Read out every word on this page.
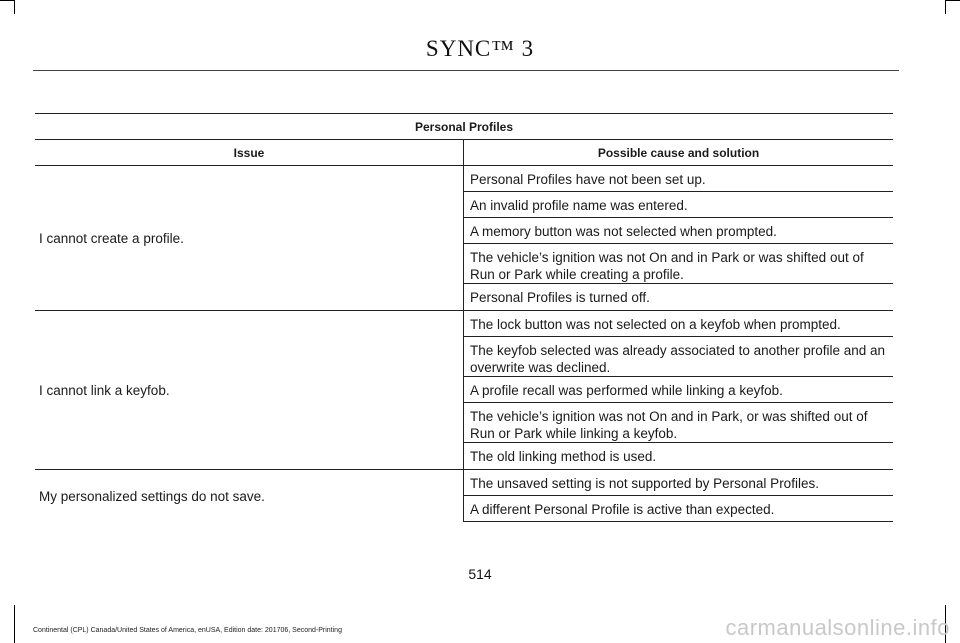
SYNC™ 3
Personal Profiles
Issue	Possible cause and solution
I cannot create a profile.
Personal Profiles have not been set up.
An invalid profile name was entered.
A memory button was not selected when prompted.
The vehicle’s ignition was not On and in Park or was shifted out of Run or Park while creating a profile.
Personal Profiles is turned off.
I cannot link a keyfob.
The lock button was not selected on a keyfob when prompted.
The keyfob selected was already associated to another profile and an overwrite was declined.
A profile recall was performed while linking a keyfob.
The vehicle’s ignition was not On and in Park, or was shifted out of Run or Park while linking a keyfob.
The old linking method is used.
My personalized settings do not save.
The unsaved setting is not supported by Personal Profiles.
A different Personal Profile is active than expected.
514
Continental (CPL) Canada/United States of America, enUSA, Edition date: 201706, Second-Printing	carmanualsonline.info
